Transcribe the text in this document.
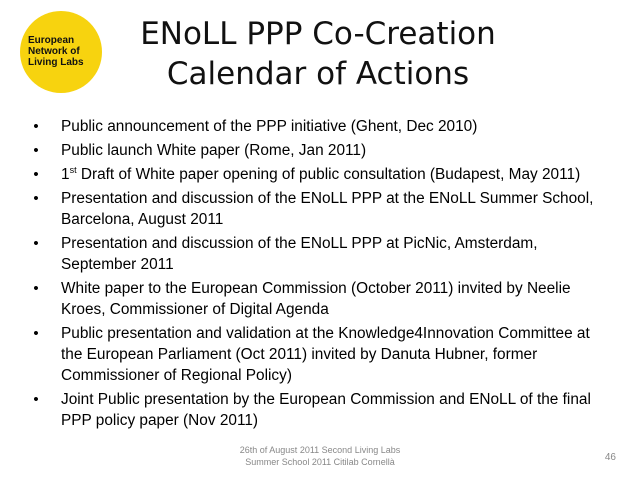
European
Network of
Living Labs
ENoLL PPP Co-Creation
Calendar of Actions
• Public announcement of the PPP initiative (Ghent, Dec 2010)
• Public launch White paper (Rome, Jan 2011)
• 1st Draft of White paper opening of public consultation (Budapest, May 2011)
• Presentation and discussion of the ENoLL PPP at the ENoLL Summer School, Barcelona, August 2011
• Presentation and discussion of the ENoLL PPP at PicNic, Amsterdam, September 2011
• White paper to the European Commission (October 2011) invited by Neelie Kroes, Commissioner of Digital Agenda
• Public presentation and validation at the Knowledge4Innovation Committee at the European Parliament (Oct 2011) invited by Danuta Hubner, former Commissioner of Regional Policy)
• Joint Public presentation by the European Commission and ENoLL of the final PPP policy paper (Nov 2011)
26th of August 2011 Second Living Labs
Summer School 2011 Citilab Cornellà	46
